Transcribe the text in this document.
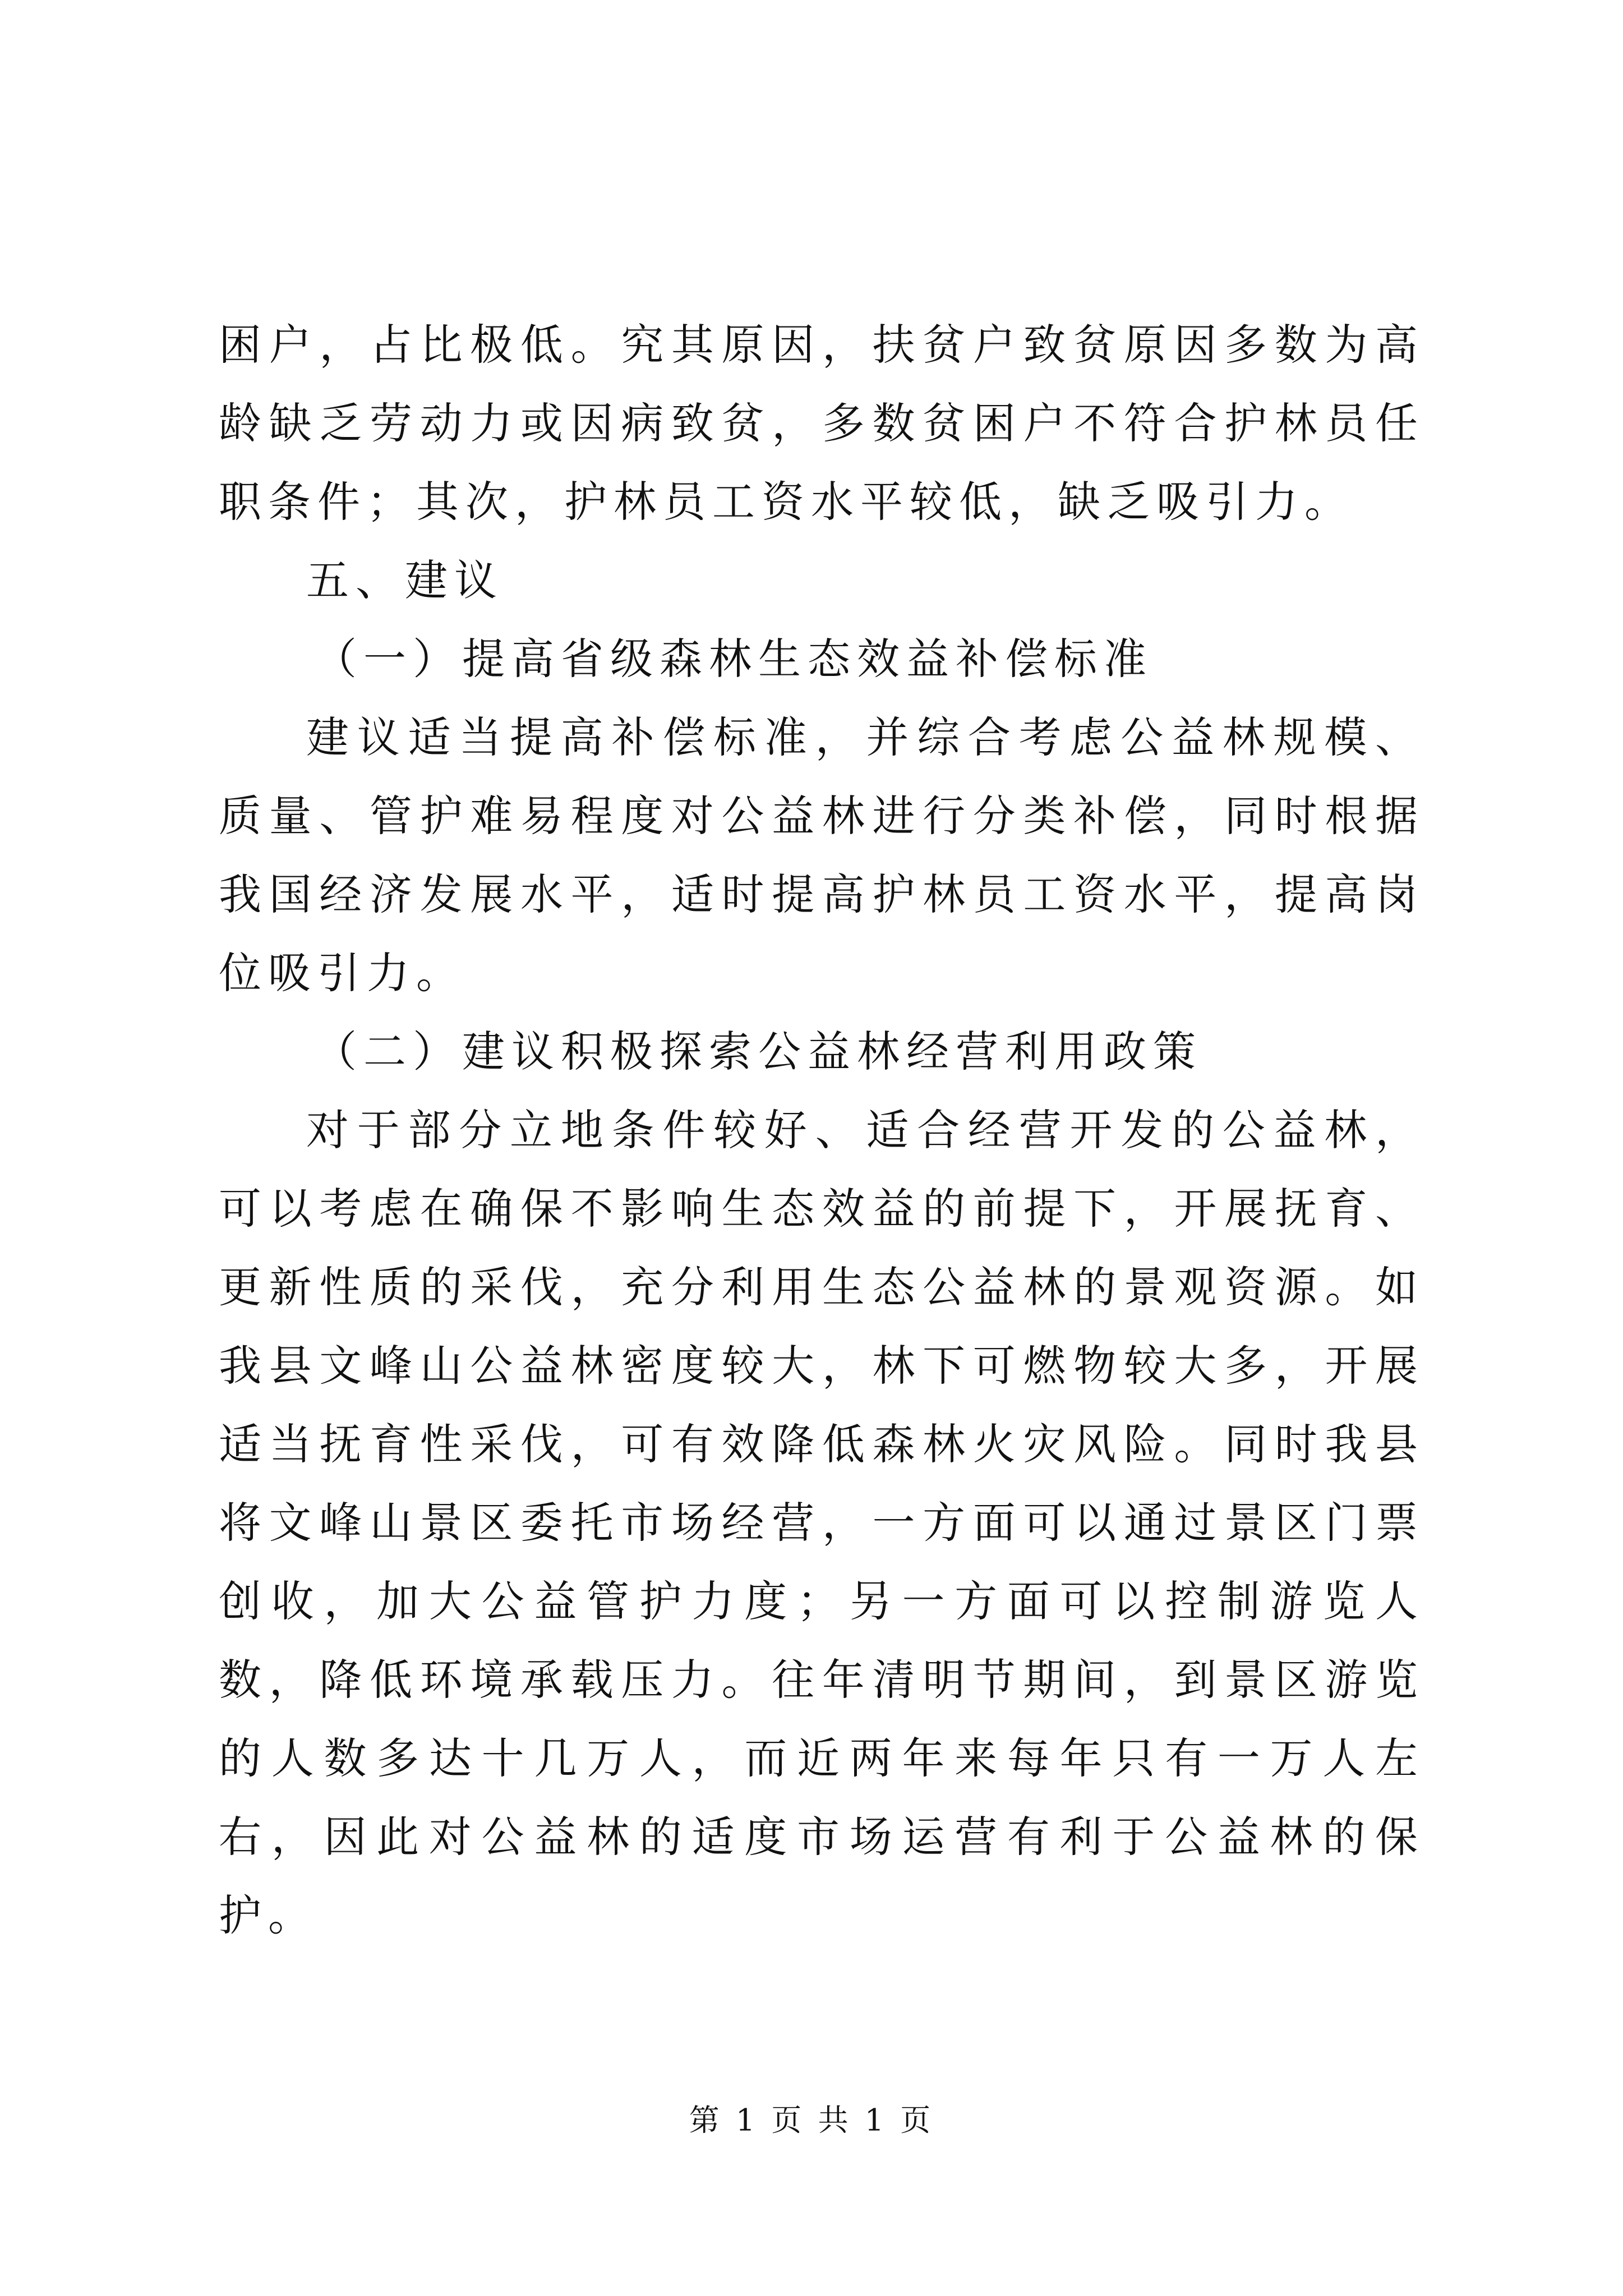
困户，占比极低。究其原因，扶贫户致贫原因多数为高龄缺乏劳动力或因病致贫，多数贫困户不符合护林员任职条件；其次，护林员工资水平较低，缺乏吸引力。

五、建议

（一）提高省级森林生态效益补偿标准

建议适当提高补偿标准，并综合考虑公益林规模、质量、管护难易程度对公益林进行分类补偿，同时根据我国经济发展水平，适时提高护林员工资水平，提高岗位吸引力。

（二）建议积极探索公益林经营利用政策

对于部分立地条件较好、适合经营开发的公益林，可以考虑在确保不影响生态效益的前提下，开展抚育、更新性质的采伐，充分利用生态公益林的景观资源。如我县文峰山公益林密度较大，林下可燃物较大多，开展适当抚育性采伐，可有效降低森林火灾风险。同时我县将文峰山景区委托市场经营，一方面可以通过景区门票创收，加大公益管护力度；另一方面可以控制游览人数，降低环境承载压力。往年清明节期间，到景区游览的人数多达十几万人，而近两年来每年只有一万人左右，因此对公益林的适度市场运营有利于公益林的保护。

第 1 页 共 1 页
